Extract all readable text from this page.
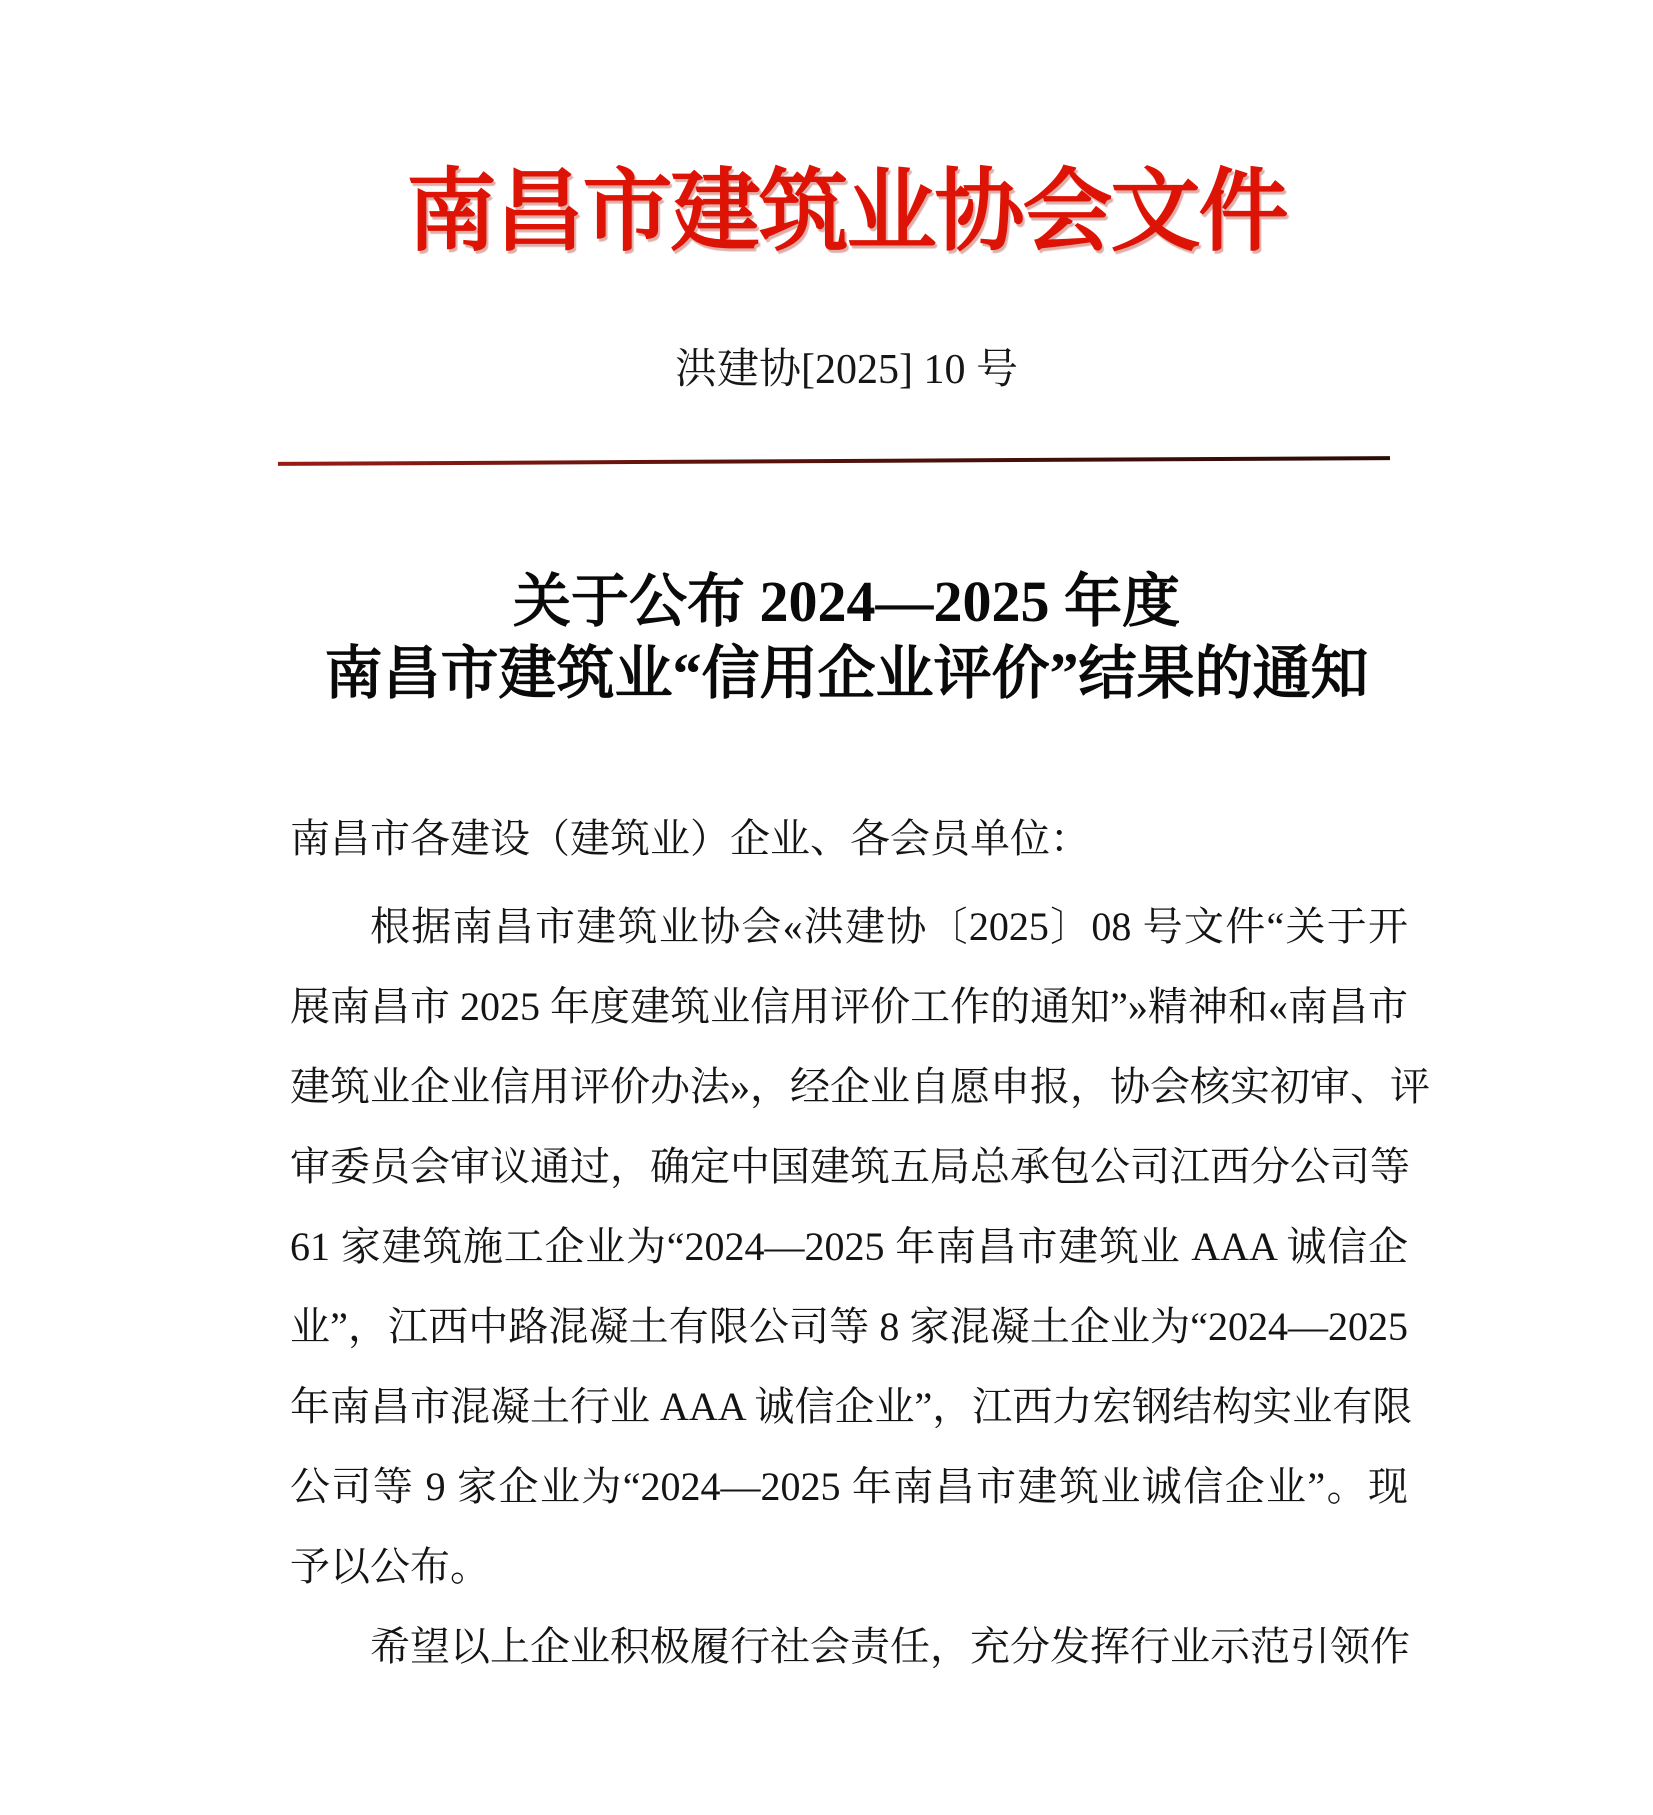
南昌市建筑业协会文件
洪建协[2025] 10 号
关于公布 2024—2025 年度
南昌市建筑业“信用企业评价”结果的通知
南昌市各建设（建筑业）企业、各会员单位：
根据南昌市建筑业协会«洪建协〔2025〕08 号文件“关于开
展南昌市 2025 年度建筑业信用评价工作的通知”»精神和«南昌市
建筑业企业信用评价办法»，经企业自愿申报，协会核实初审、评
审委员会审议通过，确定中国建筑五局总承包公司江西分公司等
61 家建筑施工企业为“2024—2025 年南昌市建筑业 AAA 诚信企
业”，江西中路混凝土有限公司等 8 家混凝土企业为“2024—2025
年南昌市混凝土行业 AAA 诚信企业”，江西力宏钢结构实业有限
公司等 9 家企业为“2024—2025 年南昌市建筑业诚信企业”。现
予以公布。
希望以上企业积极履行社会责任，充分发挥行业示范引领作
